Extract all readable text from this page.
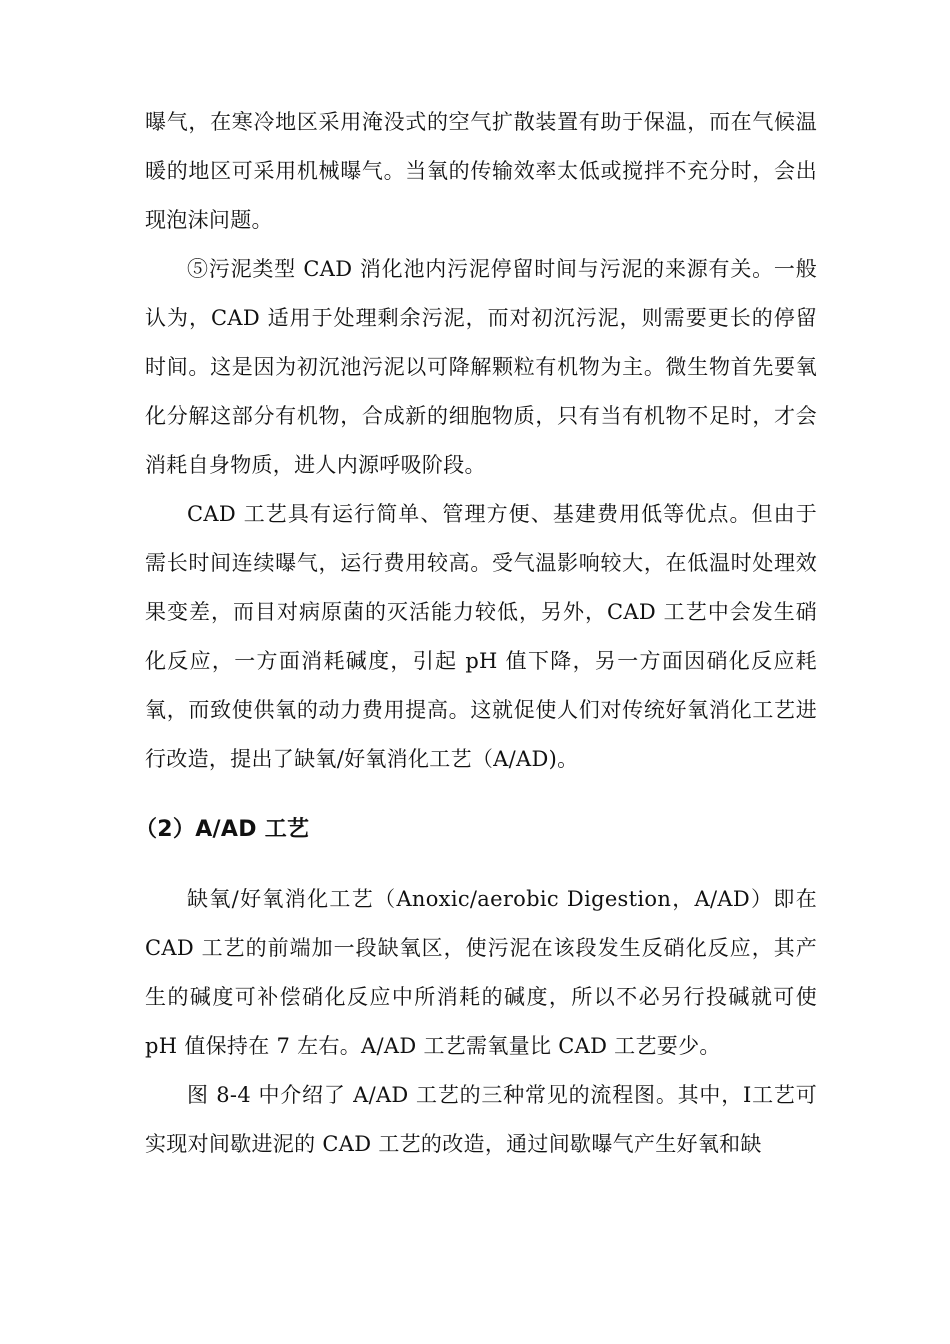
曝气，在寒冷地区采用淹没式的空气扩散装置有助于保温，而在气候温暖的地区可采用机械曝气。当氧的传输效率太低或搅拌不充分时，会出现泡沫问题。

⑤污泥类型 CAD 消化池内污泥停留时间与污泥的来源有关。一般认为，CAD 适用于处理剩余污泥，而对初沉污泥，则需要更长的停留时间。这是因为初沉池污泥以可降解颗粒有机物为主。微生物首先要氧化分解这部分有机物，合成新的细胞物质，只有当有机物不足时，才会消耗自身物质，进人内源呼吸阶段。

CAD 工艺具有运行简单、管理方便、基建费用低等优点。但由于需长时间连续曝气，运行费用较高。受气温影响较大，在低温时处理效果变差，而目对病原菌的灭活能力较低，另外，CAD 工艺中会发生硝化反应，一方面消耗碱度，引起 pH 值下降，另一方面因硝化反应耗氧，而致使供氧的动力费用提高。这就促使人们对传统好氧消化工艺进行改造，提出了缺氧/好氧消化工艺（A/AD)。

（2）A/AD 工艺

缺氧/好氧消化工艺（Anoxic/aerobic Digestion，A/AD）即在 CAD 工艺的前端加一段缺氧区，使污泥在该段发生反硝化反应，其产生的碱度可补偿硝化反应中所消耗的碱度，所以不必另行投碱就可使 pH 值保持在 7 左右。A/AD 工艺需氧量比 CAD 工艺要少。

图 8-4 中介绍了 A/AD 工艺的三种常见的流程图。其中，Ⅰ工艺可实现对间歇进泥的 CAD 工艺的改造，通过间歇曝气产生好氧和缺
